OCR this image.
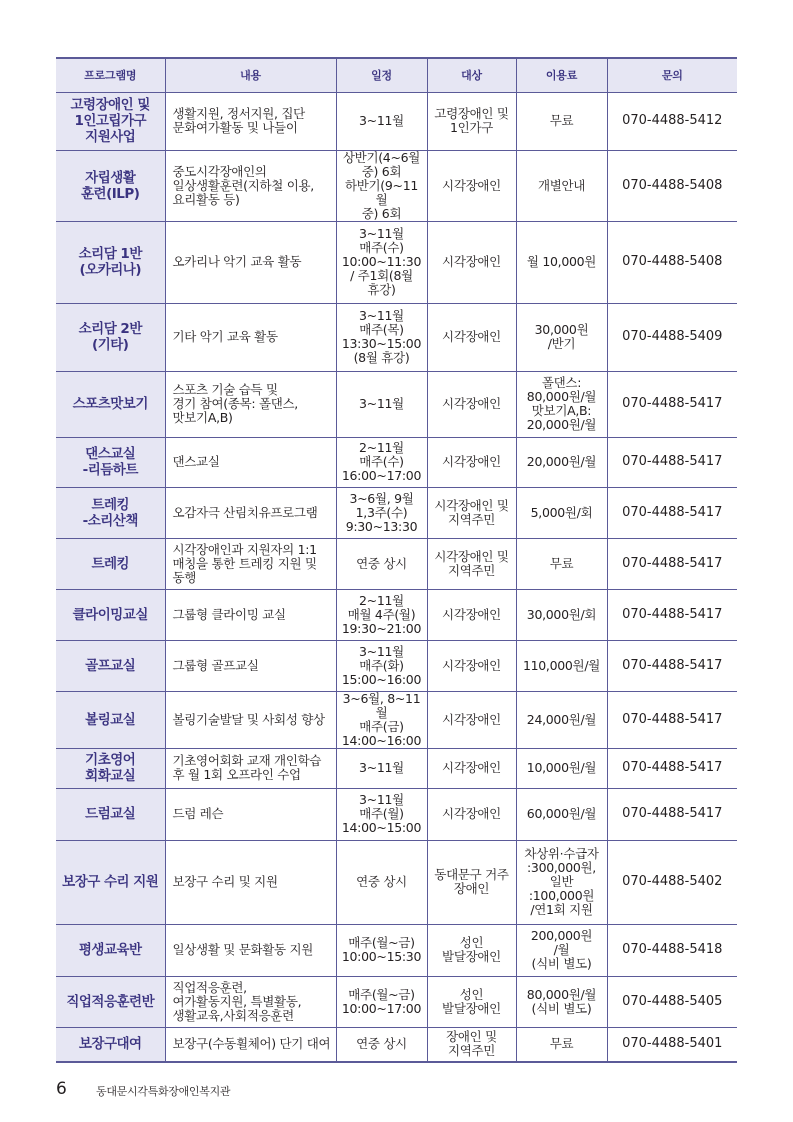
프로그램명	내용	일정	대상	이용료	문의
고령장애인 및
1인고립가구
지원사업	생활지원, 정서지원, 집단
문화여가활동 및 나들이	3~11월	고령장애인 및
1인가구	무료	070-4488-5412
자립생활
훈련(ILP)	중도시각장애인의
일상생활훈련(지하철 이용,
요리활동 등)	상반기(4~6월
중) 6회
하반기(9~11월
중) 6회	시각장애인	개별안내	070-4488-5408
소리담 1반
(오카리나)	오카리나 악기 교육 활동	3~11월
매주(수)
10:00~11:30
/ 주1회(8월
휴강)	시각장애인	월 10,000원	070-4488-5408
소리담 2반
(기타)	기타 악기 교육 활동	3~11월
매주(목)
13:30~15:00
(8월 휴강)	시각장애인	30,000원
/반기	070-4488-5409
스포츠맛보기	스포츠 기술 습득 및
경기 참여(종목: 폴댄스,
맛보기A,B)	3~11월	시각장애인	폴댄스:
80,000원/월
맛보기A,B:
20,000원/월	070-4488-5417
댄스교실
-리듬하트	댄스교실	2~11월
매주(수)
16:00~17:00	시각장애인	20,000원/월	070-4488-5417
트레킹
-소리산책	오감자극 산림치유프로그램	3~6월, 9월
1,3주(수)
9:30~13:30	시각장애인 및
지역주민	5,000원/회	070-4488-5417
트레킹	시각장애인과 지원자의 1:1
매칭을 통한 트레킹 지원 및
동행	연중 상시	시각장애인 및
지역주민	무료	070-4488-5417
클라이밍교실	그룹형 클라이밍 교실	2~11월
매월 4주(월)
19:30~21:00	시각장애인	30,000원/회	070-4488-5417
골프교실	그룹형 골프교실	3~11월
매주(화)
15:00~16:00	시각장애인	110,000원/월	070-4488-5417
볼링교실	볼링기술발달 및 사회성 향상	3~6월, 8~11월
매주(금)
14:00~16:00	시각장애인	24,000원/월	070-4488-5417
기초영어
회화교실	기초영어회화 교재 개인학습
후 월 1회 오프라인 수업	3~11월	시각장애인	10,000원/월	070-4488-5417
드럼교실	드럼 레슨	3~11월
매주(월)
14:00~15:00	시각장애인	60,000원/월	070-4488-5417
보장구 수리 지원	보장구 수리 및 지원	연중 상시	동대문구 거주
장애인	차상위·수급자
:300,000원,
일반
:100,000원
/연1회 지원	070-4488-5402
평생교육반	일상생활 및 문화활동 지원	매주(월~금)
10:00~15:30	성인
발달장애인	200,000원
/월
(식비 별도)	070-4488-5418
직업적응훈련반	직업적응훈련,
여가활동지원, 특별활동,
생활교육,사회적응훈련	매주(월~금)
10:00~17:00	성인
발달장애인	80,000원/월
(식비 별도)	070-4488-5405
보장구대여	보장구(수동휠체어) 단기 대여	연중 상시	장애인 및
지역주민	무료	070-4488-5401
6	동대문시각특화장애인복지관
